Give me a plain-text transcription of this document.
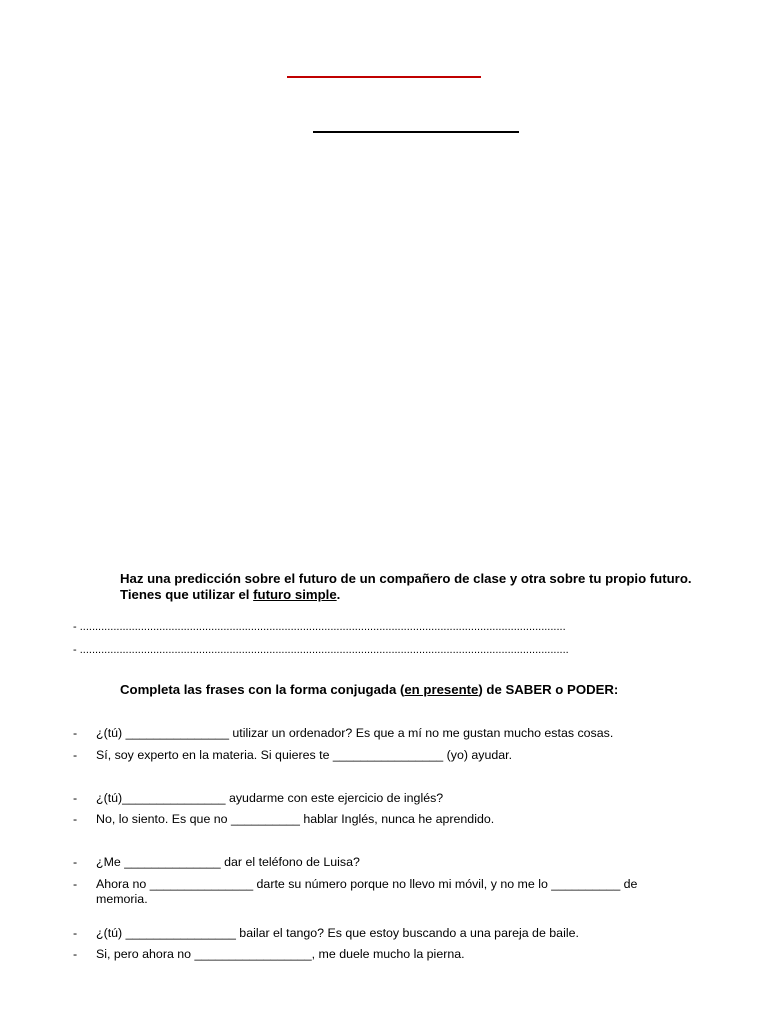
Haz una predicción sobre el futuro de un compañero de clase y otra sobre tu propio futuro. Tienes que utilizar el futuro simple.
- ...............................................................................................................................................................
- ................................................................................................................................................................
Completa las frases con la forma conjugada (en presente) de SABER o PODER:
- ¿(tú) _______________ utilizar un ordenador? Es que a mí no me gustan mucho estas cosas.
- Sí, soy experto en la materia. Si quieres te ________________ (yo) ayudar.
- ¿(tú)_______________ ayudarme con este ejercicio de inglés?
- No, lo siento. Es que no __________ hablar Inglés, nunca he aprendido.
- ¿Me ______________ dar el teléfono de Luisa?
- Ahora no _______________ darte su número porque no llevo mi móvil, y no me lo __________ de memoria.
- ¿(tú) ________________ bailar el tango? Es que estoy buscando a una pareja de baile.
- Si, pero ahora no _________________, me duele mucho la pierna.
